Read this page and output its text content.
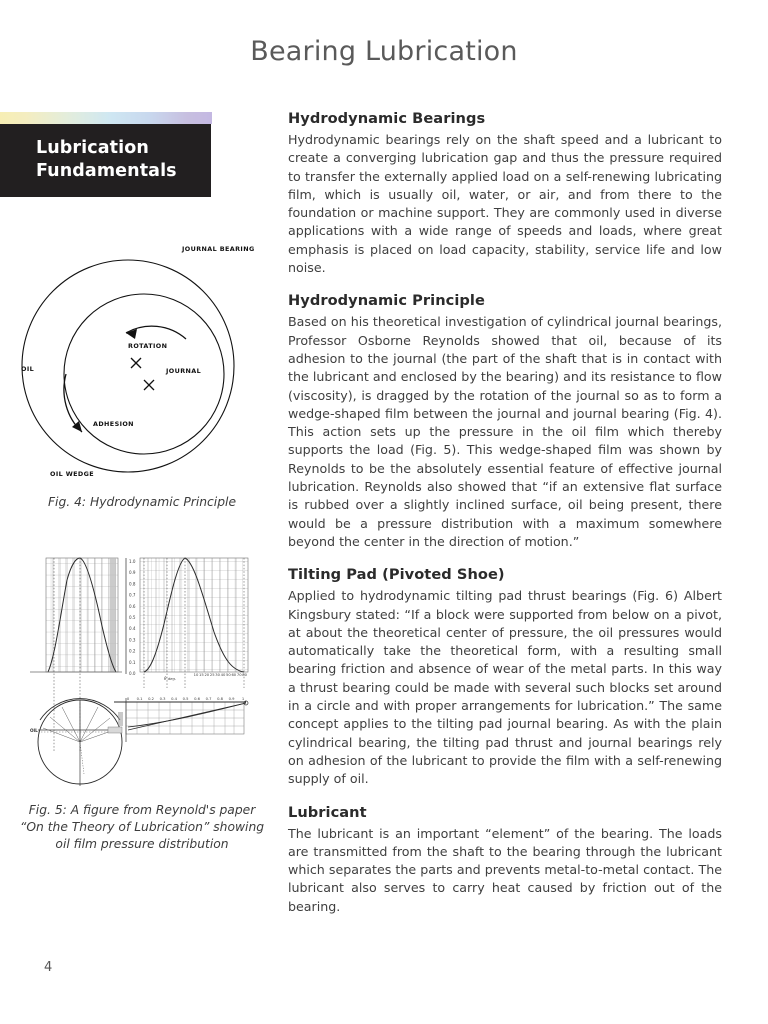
Bearing Lubrication
Lubrication
Fundamentals
JOURNAL BEARING
OIL
ROTATION
JOURNAL
ADHESION
OIL WEDGE
Fig. 4: Hydrodynamic Principle
1.0
0.9
0.8
0.7
0.6
0.5
0.4
0.3
0.2
0.1
0.0	10 15 20 25 30 40 50 60 70 80
θ deg.
0 0.1 0.2 0.3 0.4 0.5 0.6 0.7 0.8 0.9 1
OIL
Fig. 5: A figure from Reynold's paper
“On the Theory of Lubrication” showing
oil film pressure distribution
Hydrodynamic Bearings

Hydrodynamic bearings rely on the shaft speed and a lubricant to create a converging lubrication gap and thus the pressure required to transfer the externally applied load on a self-renewing lubricating film, which is usually oil, water, or air, and from there to the foundation or machine support. They are commonly used in diverse applications with a wide range of speeds and loads, where great emphasis is placed on load capacity, stability, service life and low noise.

Hydrodynamic Principle

Based on his theoretical investigation of cylindrical journal bearings, Professor Osborne Reynolds showed that oil, because of its adhesion to the journal (the part of the shaft that is in contact with the lubricant and enclosed by the bearing) and its resistance to flow (viscosity), is dragged by the rotation of the journal so as to form a wedge-shaped film between the journal and journal bearing (Fig. 4). This action sets up the pressure in the oil film which thereby supports the load (Fig. 5). This wedge-shaped film was shown by Reynolds to be the absolutely essential feature of effective journal lubrication. Reynolds also showed that “if an extensive flat surface is rubbed over a slightly inclined surface, oil being present, there would be a pressure distribution with a maximum somewhere beyond the center in the direction of motion.”

Tilting Pad (Pivoted Shoe)

Applied to hydrodynamic tilting pad thrust bearings (Fig. 6) Albert Kingsbury stated: “If a block were supported from below on a pivot, at about the theoretical center of pressure, the oil pressures would automatically take the theoretical form, with a resulting small bearing friction and absence of wear of the metal parts. In this way a thrust bearing could be made with several such blocks set around in a circle and with proper arrangements for lubrication.” The same concept applies to the tilting pad journal bearing. As with the plain cylindrical bearing, the tilting pad thrust and journal bearings rely on adhesion of the lubricant to provide the film with a self-renewing supply of oil.

Lubricant

The lubricant is an important “element” of the bearing. The loads are transmitted from the shaft to the bearing through the lubricant which separates the parts and prevents metal-to-metal contact. The lubricant also serves to carry heat caused by friction out of the bearing.

4
